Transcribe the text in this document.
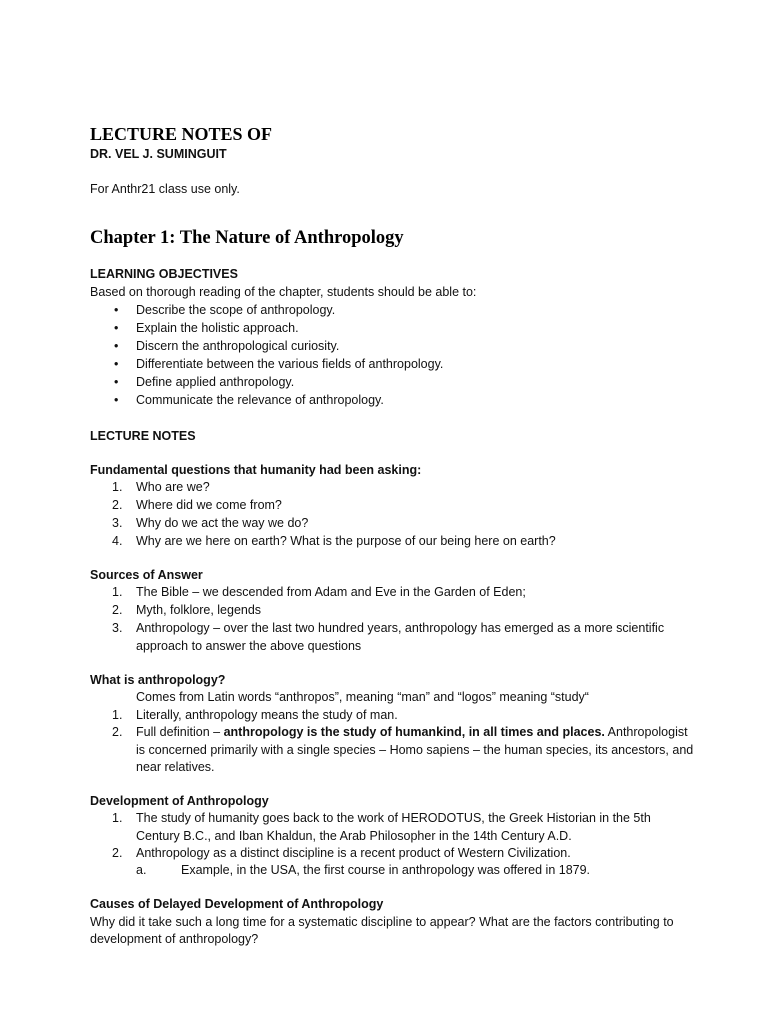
LECTURE NOTES OF
DR. VEL J. SUMINGUIT
For Anthr21 class use only.
Chapter 1: The Nature of Anthropology
LEARNING OBJECTIVES
Based on thorough reading of the chapter, students should be able to:
•	Describe the scope of anthropology.
•	Explain the holistic approach.
•	Discern the anthropological curiosity.
•	Differentiate between the various fields of anthropology.
•	Define applied anthropology.
•	Communicate the relevance of anthropology.
LECTURE NOTES
Fundamental questions that humanity had been asking:
1.	Who are we?
2.	Where did we come from?
3.	Why do we act the way we do?
4.	Why are we here on earth? What is the purpose of our being here on earth?
Sources of Answer
1.	The Bible – we descended from Adam and Eve in the Garden of Eden;
2.	Myth, folklore, legends
3.	Anthropology – over the last two hundred years, anthropology has emerged as a more scientific approach to answer the above questions
What is anthropology?
Comes from Latin words “anthropos”, meaning “man” and “logos” meaning “study“
1.	Literally, anthropology means the study of man.
2.	Full definition – anthropology is the study of humankind, in all times and places. Anthropologist is concerned primarily with a single species – Homo sapiens – the human species, its ancestors, and near relatives.
Development of Anthropology
1.	The study of humanity goes back to the work of HERODOTUS, the Greek Historian in the 5th Century B.C., and Iban Khaldun, the Arab Philosopher in the 14th Century A.D.
2.	Anthropology as a distinct discipline is a recent product of Western Civilization.
a.	Example, in the USA, the first course in anthropology was offered in 1879.
Causes of Delayed Development of Anthropology
Why did it take such a long time for a systematic discipline to appear? What are the factors contributing to development of anthropology?
